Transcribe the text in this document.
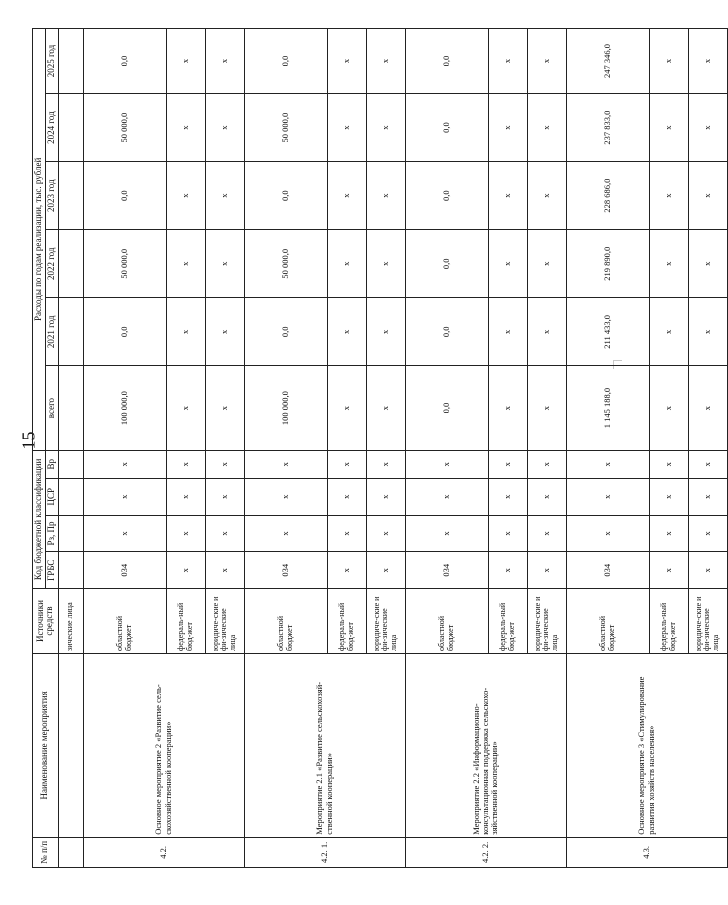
15
№ п/п	Наименование мероприятия	Источники средств	Код бюджетной классификации				Расходы по годам реализации, тыс. рублей					
			ГРБС	Рз, Пр	ЦСР	Вр	всего	2021 год	2022 год	2023 год	2024 год	2025 год
		зические лица										
4.2.	Основное мероприятие 2 «Развитие сель-скохозяйственной кооперации»	областной бюджет	034	х	х	х	100 000,0	0,0	50 000,0	0,0	50 000,0	0,0
		федераль-ный бюд-жет	х	х	х	х	х	х	х	х	х	х
		юридиче-ские и фи-зические лица	х	х	х	х	х	х	х	х	х	х
4.2. 1.	Мероприятие 2.1 «Развитие сельскохозяй-ственной кооперации»	областной бюджет	034	х	х	х	100 000,0	0,0	50 000,0	0,0	50 000,0	0,0
		федераль-ный бюд-жет	х	х	х	х	х	х	х	х	х	х
		юридиче-ские и фи-зические лица	х	х	х	х	х	х	х	х	х	х
4.2. 2.	Мероприятие 2.2 «Информационно-консультационная поддержка сельскохо-зяйственной кооперации»	областной бюджет	034	х	х	х	0,0	0,0	0,0	0,0	0,0	0,0
		федераль-ный бюд-жет	х	х	х	х	х	х	х	х	х	х
		юридиче-ские и фи-зические лица	х	х	х	х	х	х	х	х	х	х
4.3.	Основное мероприятие 3 «Стимулирование развития хозяйств населения»	областной бюджет	034	х	х	х	1 145 188,0	211 433,0	219 890,0	228 686,0	237 833,0	247 346,0
		федераль-ный бюд-жет	х	х	х	х	х	х	х	х	х	х
		юридиче-ские и фи-зические лица	х	х	х	х	х	х	х	х	х	х
